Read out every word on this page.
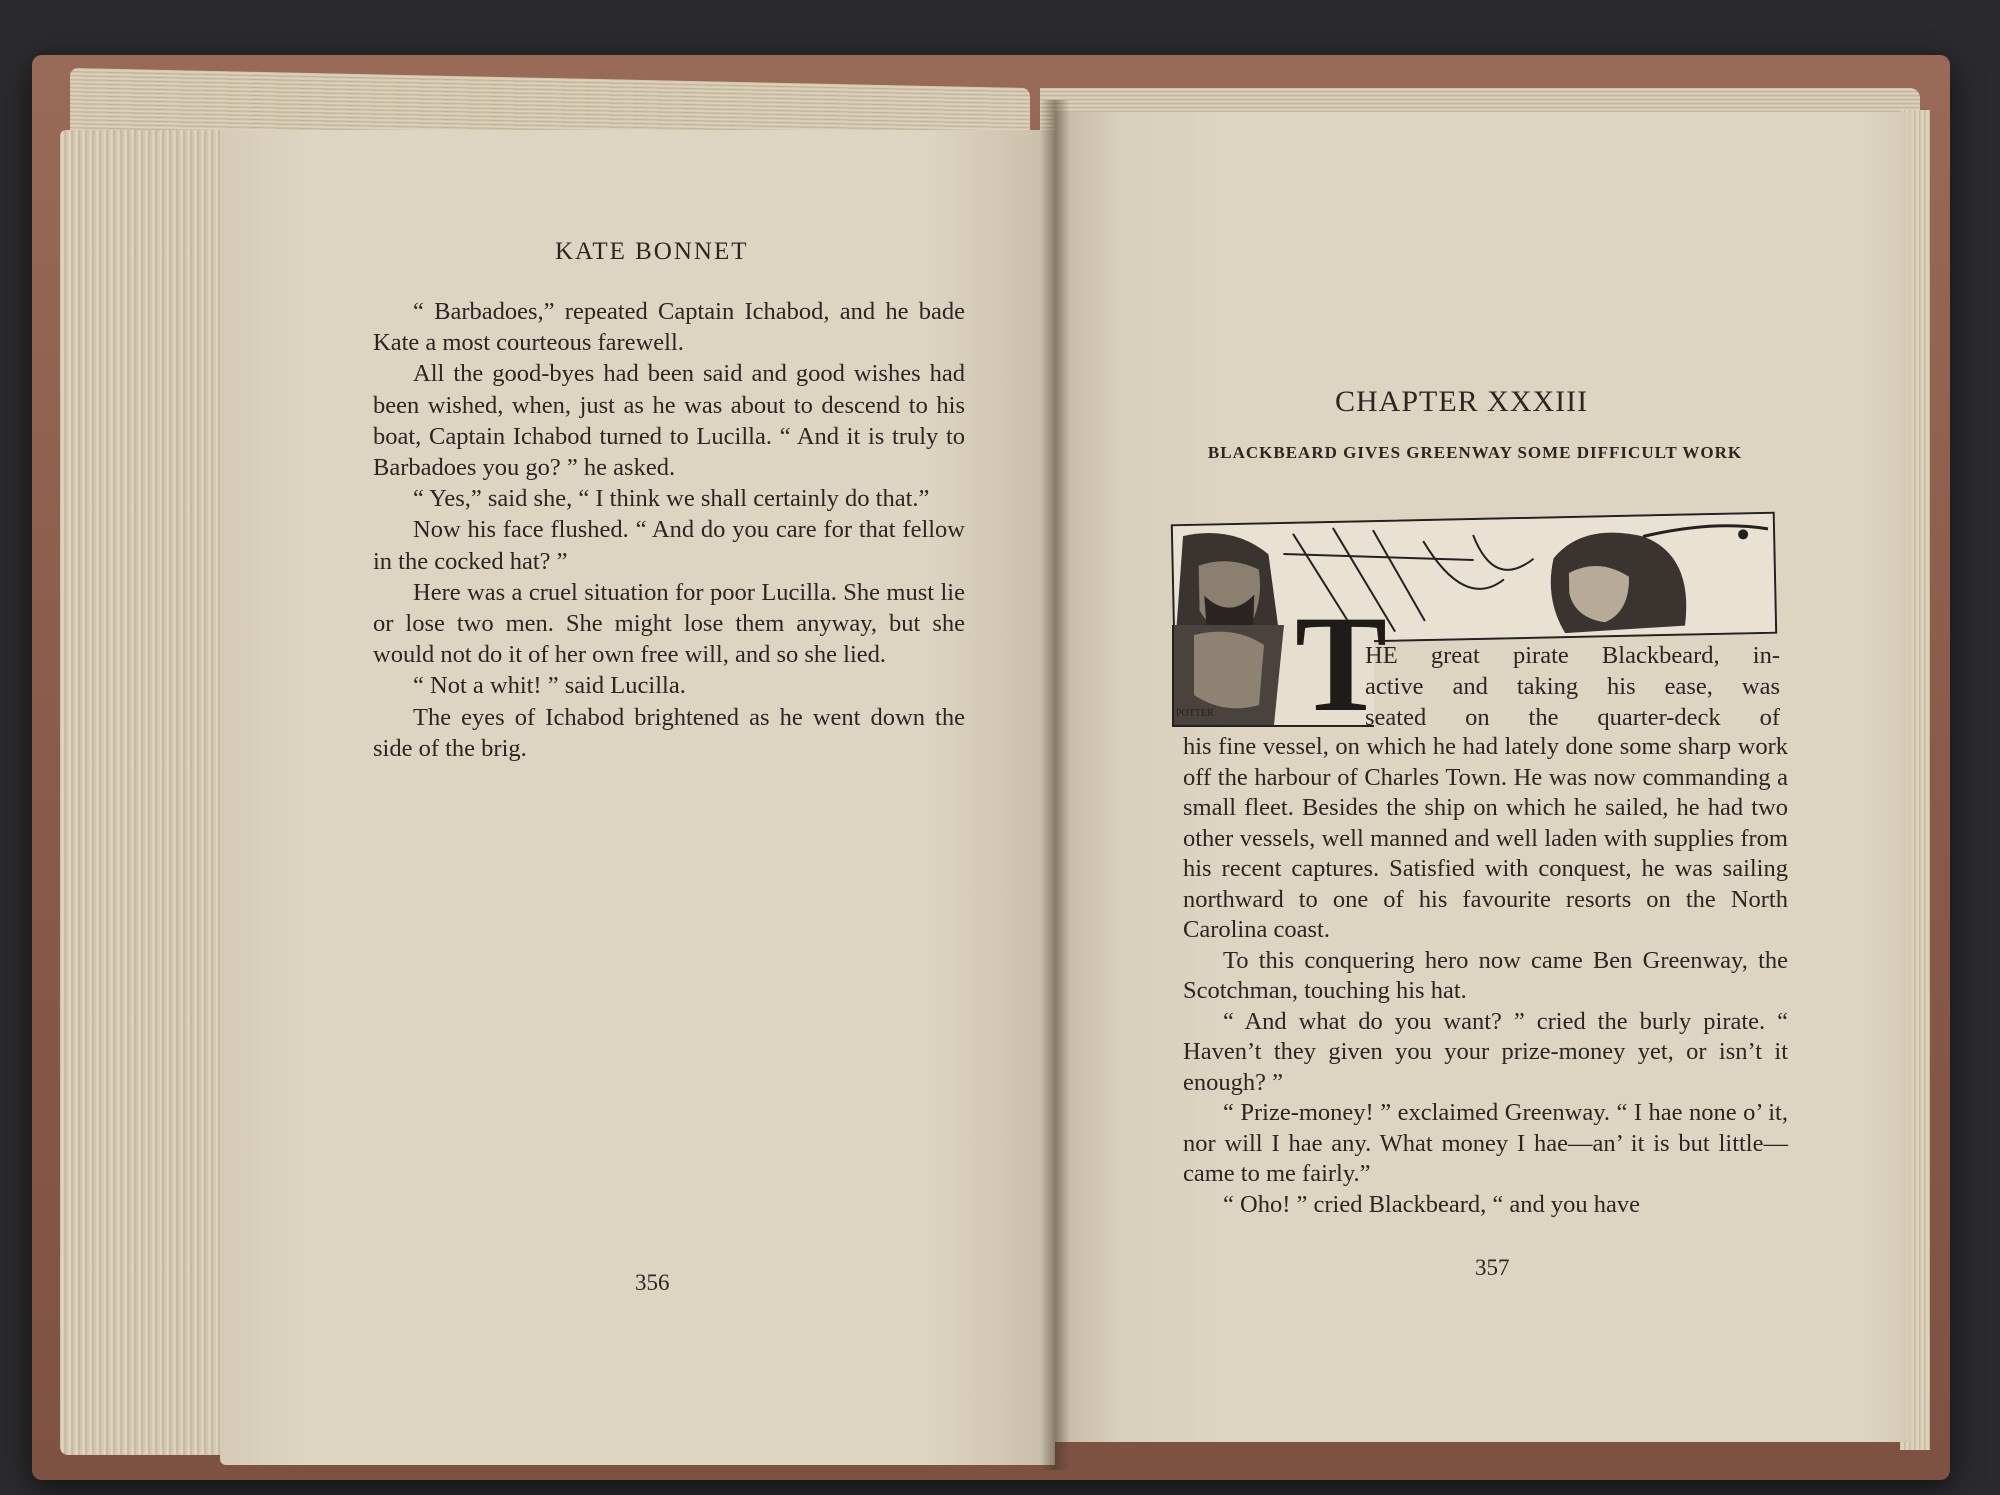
KATE BONNET

“ Barbadoes,” repeated Captain Ichabod, and he bade Kate a most courteous farewell.

All the good-byes had been said and good wishes had been wished, when, just as he was about to descend to his boat, Captain Ichabod turned to Lucilla. “ And it is truly to Barbadoes you go? ” he asked.

“ Yes,” said she, “ I think we shall certainly do that.”

Now his face flushed. “ And do you care for that fellow in the cocked hat? ”

Here was a cruel situation for poor Lucilla. She must lie or lose two men. She might lose them anyway, but she would not do it of her own free will, and so she lied.

“ Not a whit! ” said Lucilla.

The eyes of Ichabod brightened as he went down the side of the brig.

356
CHAPTER XXXIII
BLACKBEARD GIVES GREENWAY SOME DIFFICULT WORK
T
POTTER
HE great pirate Blackbeard, in-
active and taking his ease, was
seated on the quarter-deck of

his fine vessel, on which he had lately done some sharp work off the harbour of Charles Town. He was now commanding a small fleet. Besides the ship on which he sailed, he had two other vessels, well manned and well laden with supplies from his recent captures. Satisfied with conquest, he was sailing northward to one of his favourite resorts on the North Carolina coast.

To this conquering hero now came Ben Greenway, the Scotchman, touching his hat.

“ And what do you want? ” cried the burly pirate. “ Haven’t they given you your prize-money yet, or isn’t it enough? ”

“ Prize-money! ” exclaimed Greenway. “ I hae none o’ it, nor will I hae any. What money I hae—an’ it is but little—came to me fairly.”

“ Oho! ” cried Blackbeard, “ and you have

357
